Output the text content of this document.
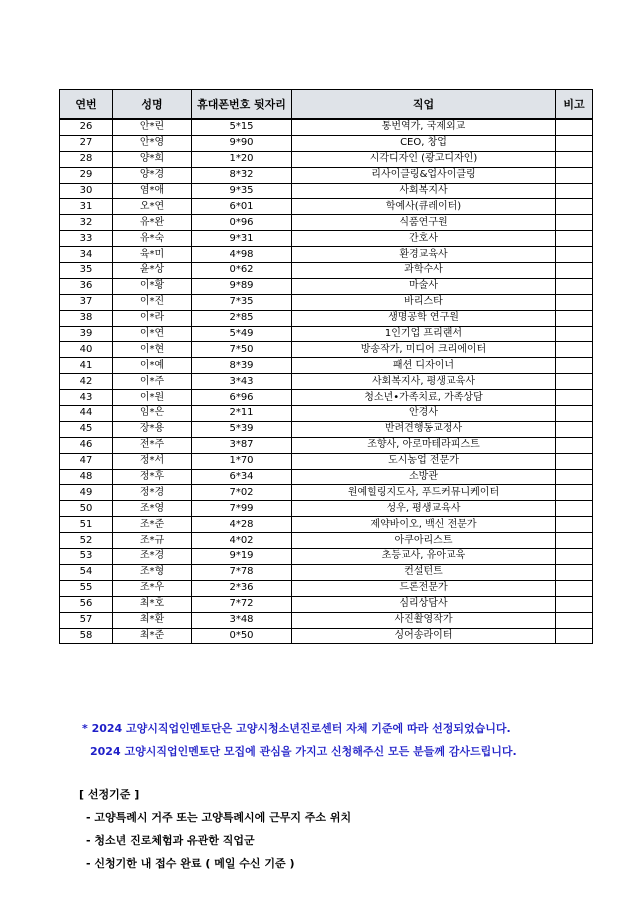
연번	성명	휴대폰번호 뒷자리	직업	비고
26	안*린	5*15	통번역가, 국제외교	
27	안*영	9*90	CEO, 창업	
28	양*희	1*20	시각디자인 (광고디자인)	
29	양*경	8*32	리사이클링&업사이클링	
30	염*애	9*35	사회복지사	
31	오*연	6*01	학예사(큐레이터)	
32	유*완	0*96	식품연구원	
33	유*숙	9*31	간호사	
34	육*미	4*98	환경교육사	
35	윤*상	0*62	과학수사	
36	이*황	9*89	마술사	
37	이*진	7*35	바리스타	
38	이*라	2*85	생명공학 연구원	
39	이*연	5*49	1인기업 프리랜서	
40	이*현	7*50	방송작가, 미디어 크리에이터	
41	이*예	8*39	패션 디자이너	
42	이*주	3*43	사회복지사, 평생교육사	
43	이*원	6*96	청소년•가족치료, 가족상담	
44	임*은	2*11	안경사	
45	장*용	5*39	반려견행동교정사	
46	전*주	3*87	조향사, 아로마테라피스트	
47	정*서	1*70	도시농업 전문가	
48	정*후	6*34	소방관	
49	정*경	7*02	원예힐링지도사, 푸드커뮤니케이터	
50	조*영	7*99	성우, 평생교육사	
51	조*준	4*28	제약바이오, 백신 전문가	
52	조*규	4*02	아쿠아리스트	
53	조*경	9*19	초등교사, 유아교육	
54	조*형	7*78	컨설턴트	
55	조*우	2*36	드론전문가	
56	최*호	7*72	심리상담사	
57	최*환	3*48	사진촬영작가	
58	최*준	0*50	싱어송라이터	
* 2024 고양시직업인멘토단은 고양시청소년진로센터 자체 기준에 따라 선정되었습니다.
2024 고양시직업인멘토단 모집에 관심을 가지고 신청해주신 모든 분들께 감사드립니다.
[ 선정기준 ]
- 고양특례시 거주 또는 고양특례시에 근무지 주소 위치
- 청소년 진로체험과 유관한 직업군
- 신청기한 내 접수 완료 ( 메일 수신 기준 )
